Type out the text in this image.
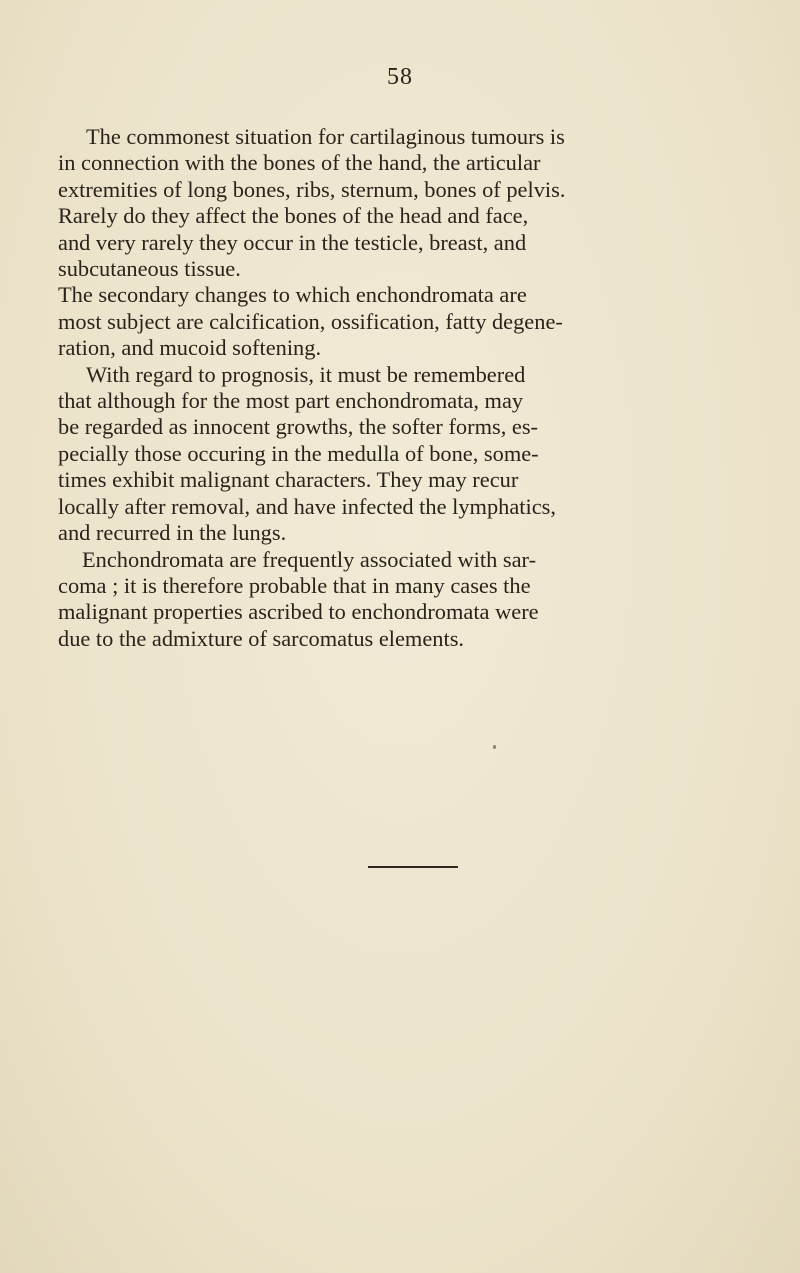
58
The commonest situation for cartilaginous tumours is
in connection with the bones of the hand, the articular
extremities of long bones, ribs, sternum, bones of pelvis.
Rarely do they affect the bones of the head and face,
and very rarely they occur in the testicle, breast, and
subcutaneous tissue.
The secondary changes to which enchondromata are
most subject are calcification, ossification, fatty degene-
ration, and mucoid softening.
With regard to prognosis, it must be remembered
that although for the most part enchondromata, may
be regarded as innocent growths, the softer forms, es-
pecially those occuring in the medulla of bone, some-
times exhibit malignant characters. They may recur
locally after removal, and have infected the lymphatics,
and recurred in the lungs.
Enchondromata are frequently associated with sar-
coma ; it is therefore probable that in many cases the
malignant properties ascribed to enchondromata were
due to the admixture of sarcomatus elements.
